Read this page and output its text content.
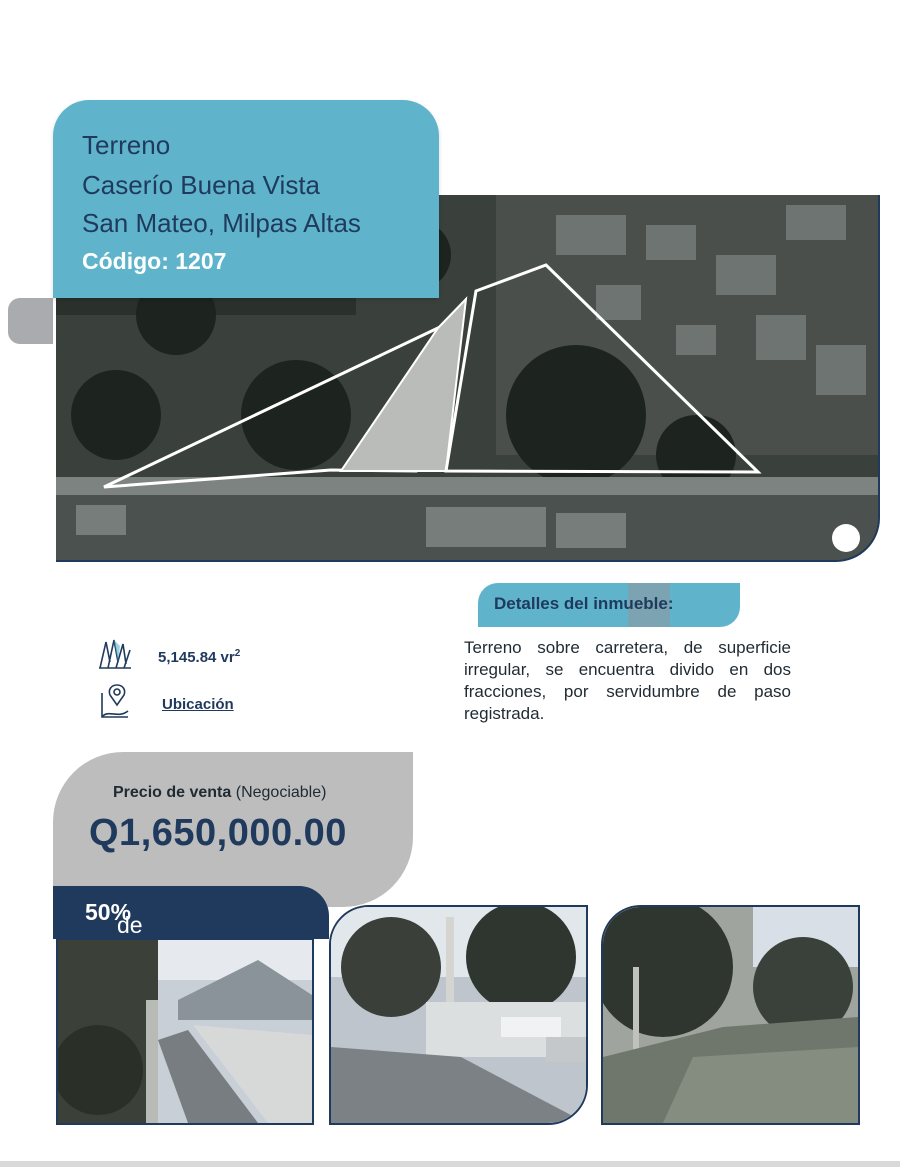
Terreno
Caserío Buena Vista
San Mateo, Milpas Altas
Código: 1207
Detalles del inmueble:
Terreno sobre carretera, de superficie irregular, se encuentra divido en dos fracciones, por servidumbre de paso registrada.
5,145.84 $vr^2$
Ubicación
Precio de venta (Negociable)
Q1,650,000.00
50%
de
